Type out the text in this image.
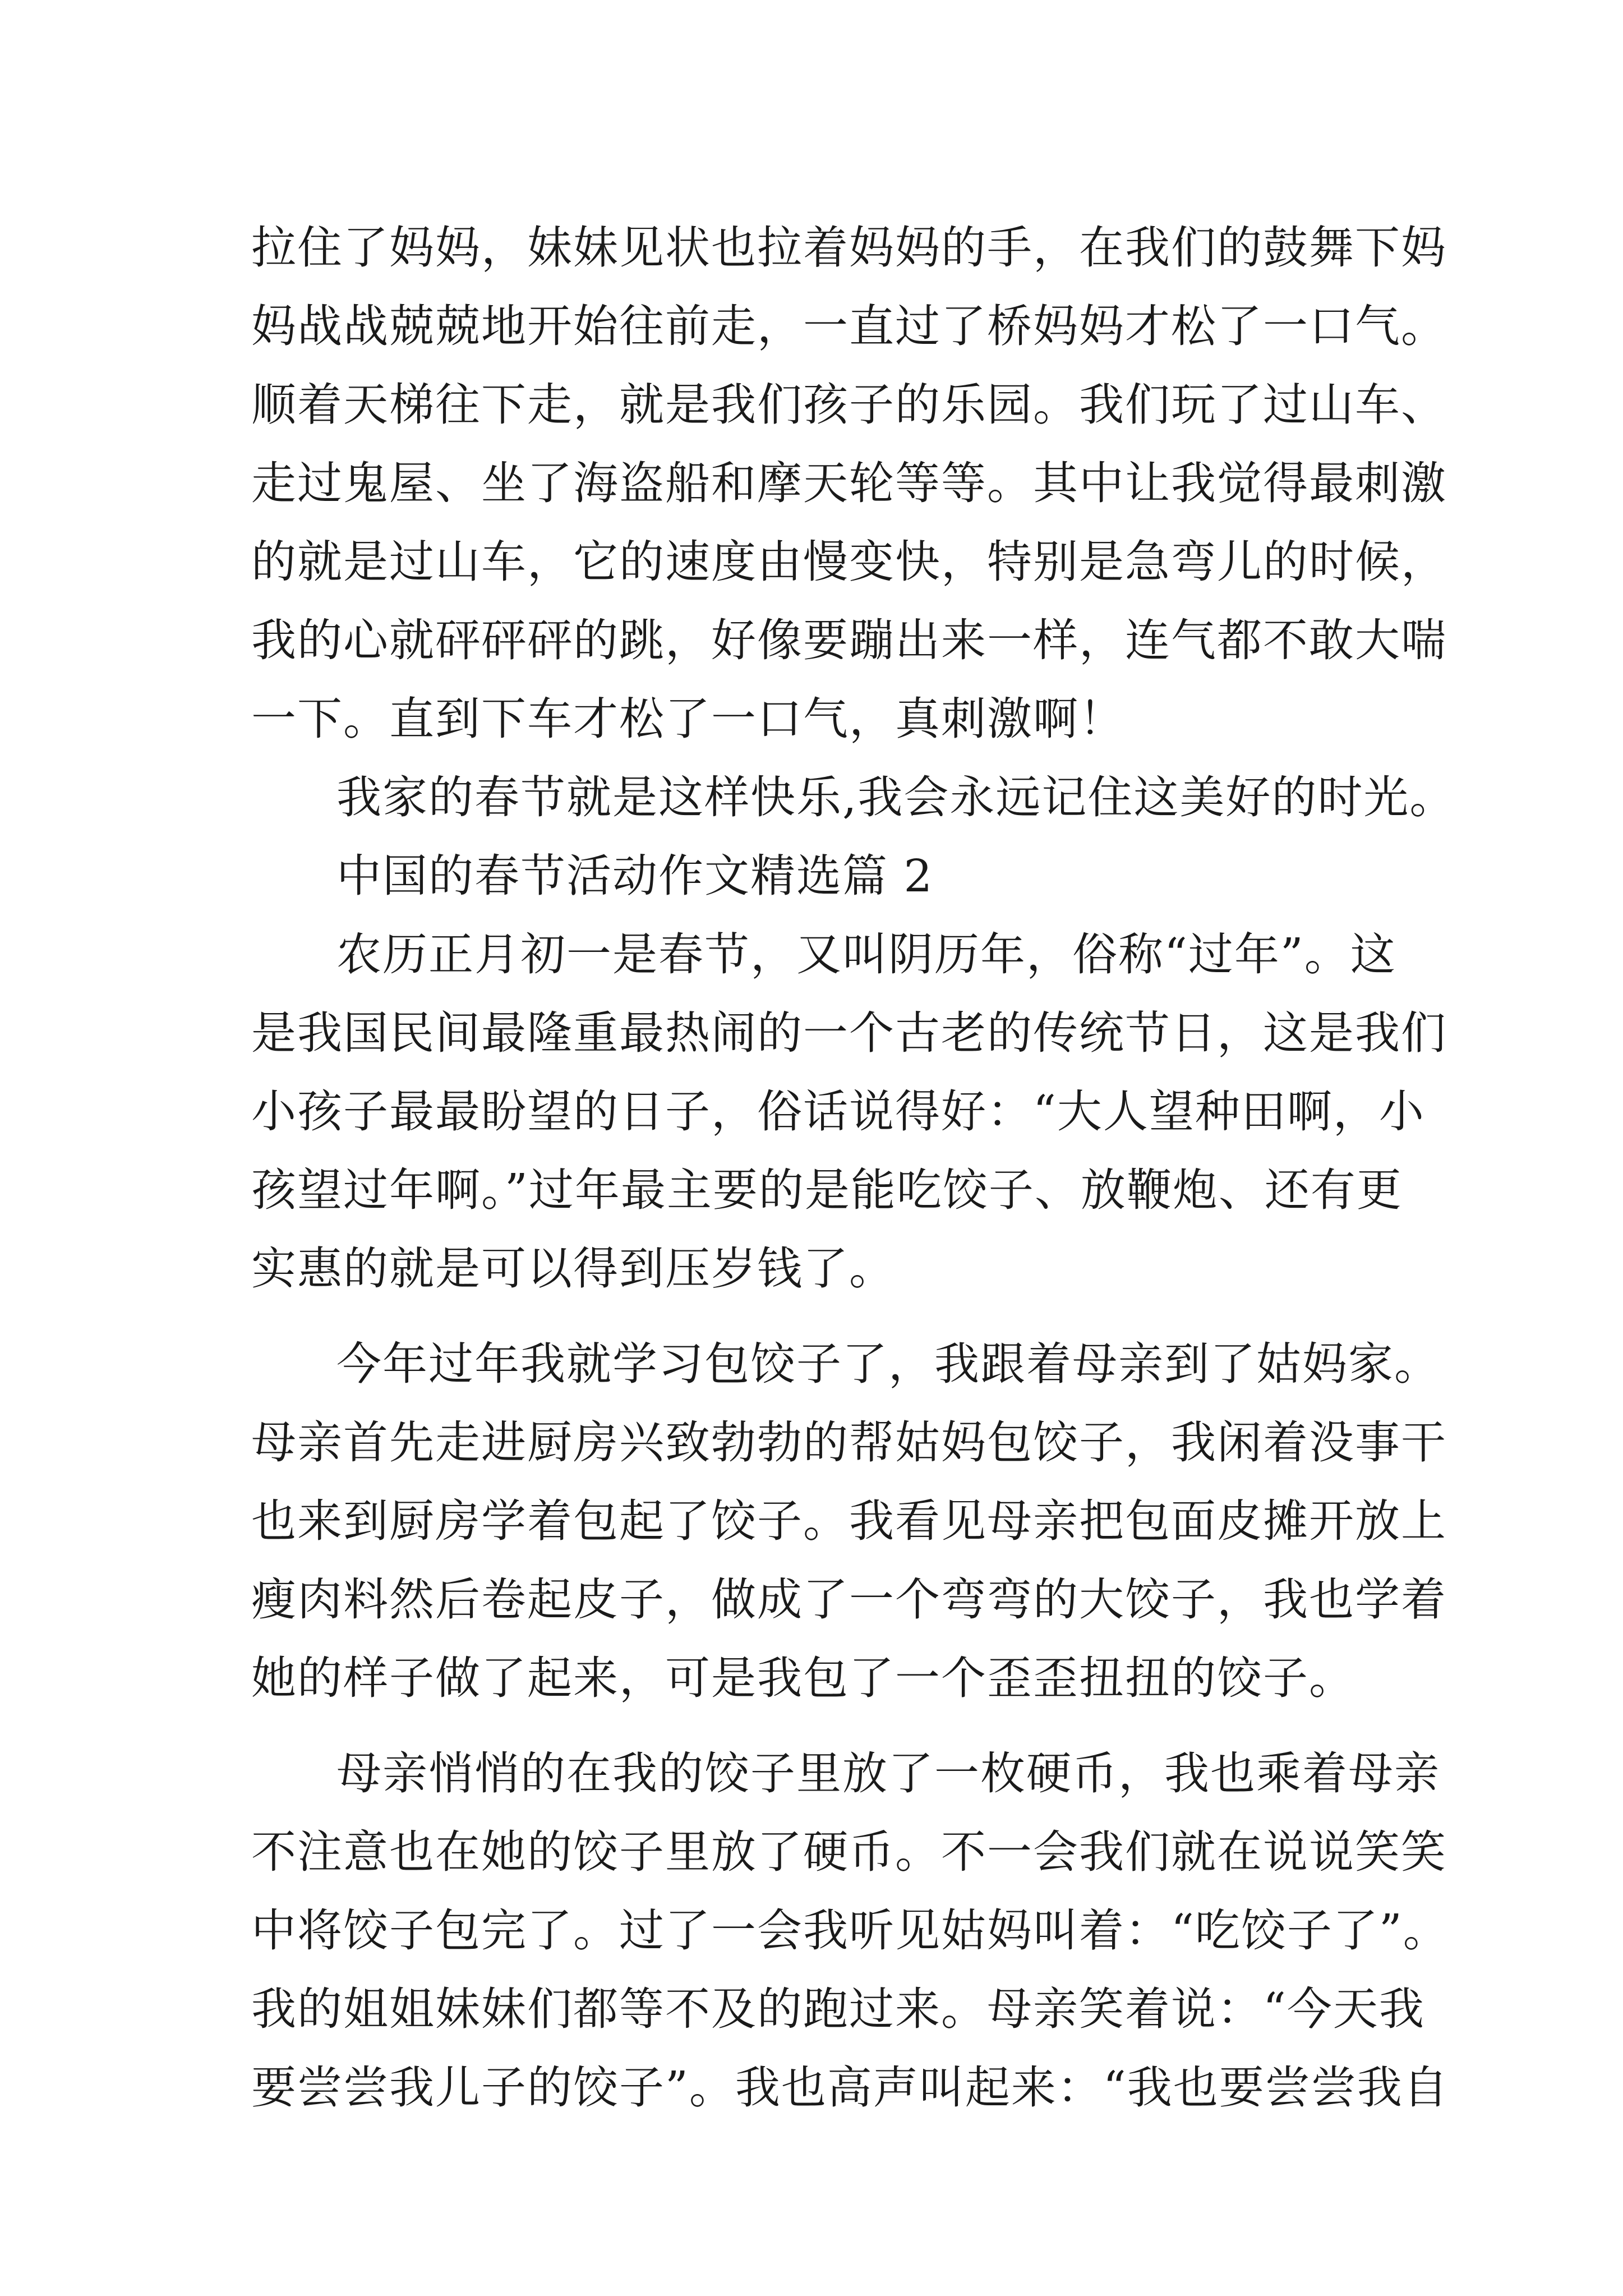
拉住了妈妈，妹妹见状也拉着妈妈的手，在我们的鼓舞下妈
妈战战兢兢地开始往前走，一直过了桥妈妈才松了一口气。
顺着天梯往下走，就是我们孩子的乐园。我们玩了过山车、
走过鬼屋、坐了海盗船和摩天轮等等。其中让我觉得最刺激
的就是过山车，它的速度由慢变快，特别是急弯儿的时候，
我的心就砰砰砰的跳，好像要蹦出来一样，连气都不敢大喘
一下。直到下车才松了一口气，真刺激啊！
我家的春节就是这样快乐,我会永远记住这美好的时光。
中国的春节活动作文精选篇 2
农历正月初一是春节，又叫阴历年，俗称“过年”。这
是我国民间最隆重最热闹的一个古老的传统节日，这是我们
小孩子最最盼望的日子，俗话说得好：“大人望种田啊，小
孩望过年啊。”过年最主要的是能吃饺子、放鞭炮、还有更
实惠的就是可以得到压岁钱了。
今年过年我就学习包饺子了，我跟着母亲到了姑妈家。
母亲首先走进厨房兴致勃勃的帮姑妈包饺子，我闲着没事干
也来到厨房学着包起了饺子。我看见母亲把包面皮摊开放上
瘦肉料然后卷起皮子，做成了一个弯弯的大饺子，我也学着
她的样子做了起来，可是我包了一个歪歪扭扭的饺子。
母亲悄悄的在我的饺子里放了一枚硬币，我也乘着母亲
不注意也在她的饺子里放了硬币。不一会我们就在说说笑笑
中将饺子包完了。过了一会我听见姑妈叫着：“吃饺子了”。
我的姐姐妹妹们都等不及的跑过来。母亲笑着说：“今天我
要尝尝我儿子的饺子”。我也高声叫起来：“我也要尝尝我自
